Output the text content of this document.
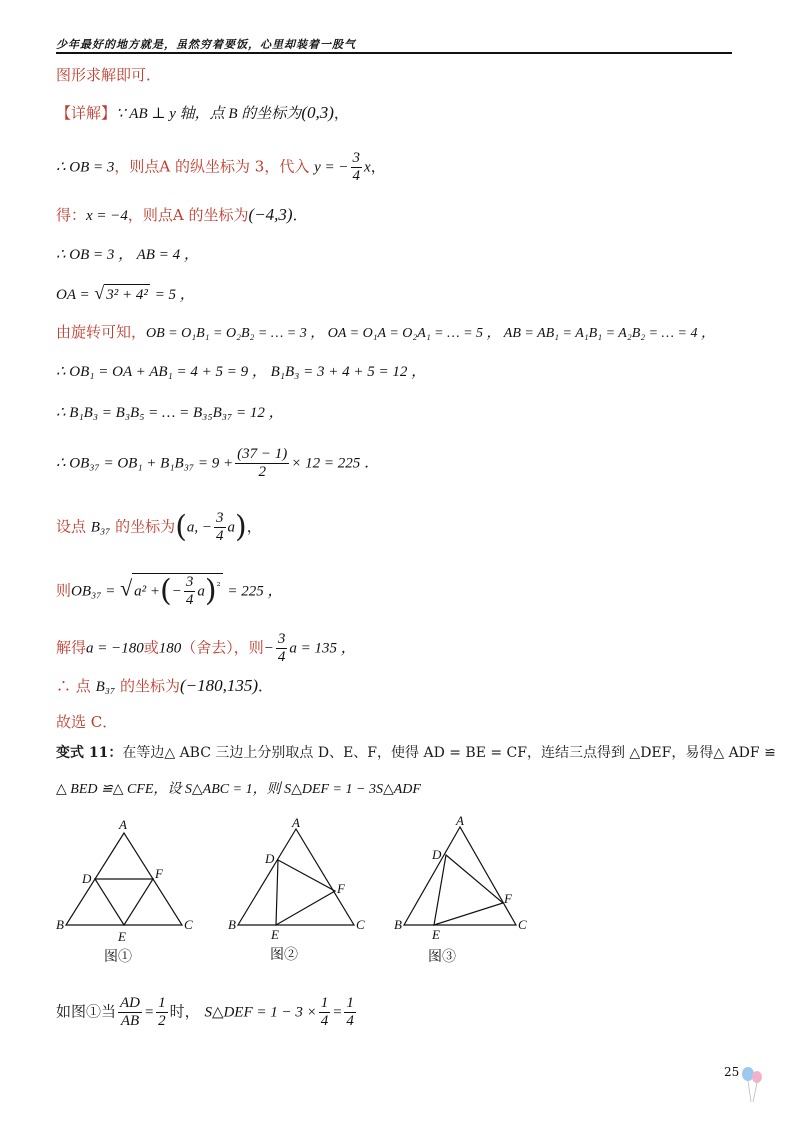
少年最好的地方就是，虽然穷着要饭，心里却装着一股气
图形求解即可．
【详解】∵ AB ⊥ y 轴，点 B 的坐标为(0,3)，
∴ OB = 3，则点A 的纵坐标为 3，代入 y = − $\frac{3}{4}$ x，
得：x = −4，则点A 的坐标为(−4,3)．
∴ OB = 3 ， AB = 4 ，
OA = √ 3² + 4² = 5 ，
由旋转可知，OB = O₁B₁ = O₂B₂ = … = 3 ， OA = O₁A = O₂A₁ = … = 5 ， AB = AB₁ = A₁B₁ = A₂B₂ = … = 4 ，
∴ OB₁ = OA + AB₁ = 4 + 5 = 9 ， B₁B₃ = 3 + 4 + 5 = 12 ，
∴ B₁B₃ = B₃B₅ = … = B₃₅B₃₇ = 12 ，
∴ $OB_{37} = OB_1 + B_1B_{37} = 9 + \frac{(37 - 1)}{2} \times 12 = 225$ ．
设点 B₃₇ 的坐标为(a, − $\frac{3}{4} a$)，
则OB₃₇ = √ a² +(− $\frac{3}{4} a)^{^2} = 225$ ，
解得a = −180或180（舍去），则− $\frac{3}{4}$ a = 135 ，
∴ 点 B₃₇ 的坐标为(−180,135)．
故选 C．
变式 11：在等边△ ABC 三边上分别取点 D、E、F，使得 AD = BE = CF，连结三点得到 △DEF，易得△ ADF ≌
△ BED ≌△ CFE，设 S△ABC = 1，则 S△DEF = 1 − 3S△ADF
A
B	C
D
E
F
图①
A
B	C
D
E
F
图②
A
B	C
D
E
F
图③
如图①当 $\frac{AD}{AB} = \frac{1}{2}$ 时， S△DEF = $1 - 3 \times \frac{1}{4} = \frac{1}{4}$
25
